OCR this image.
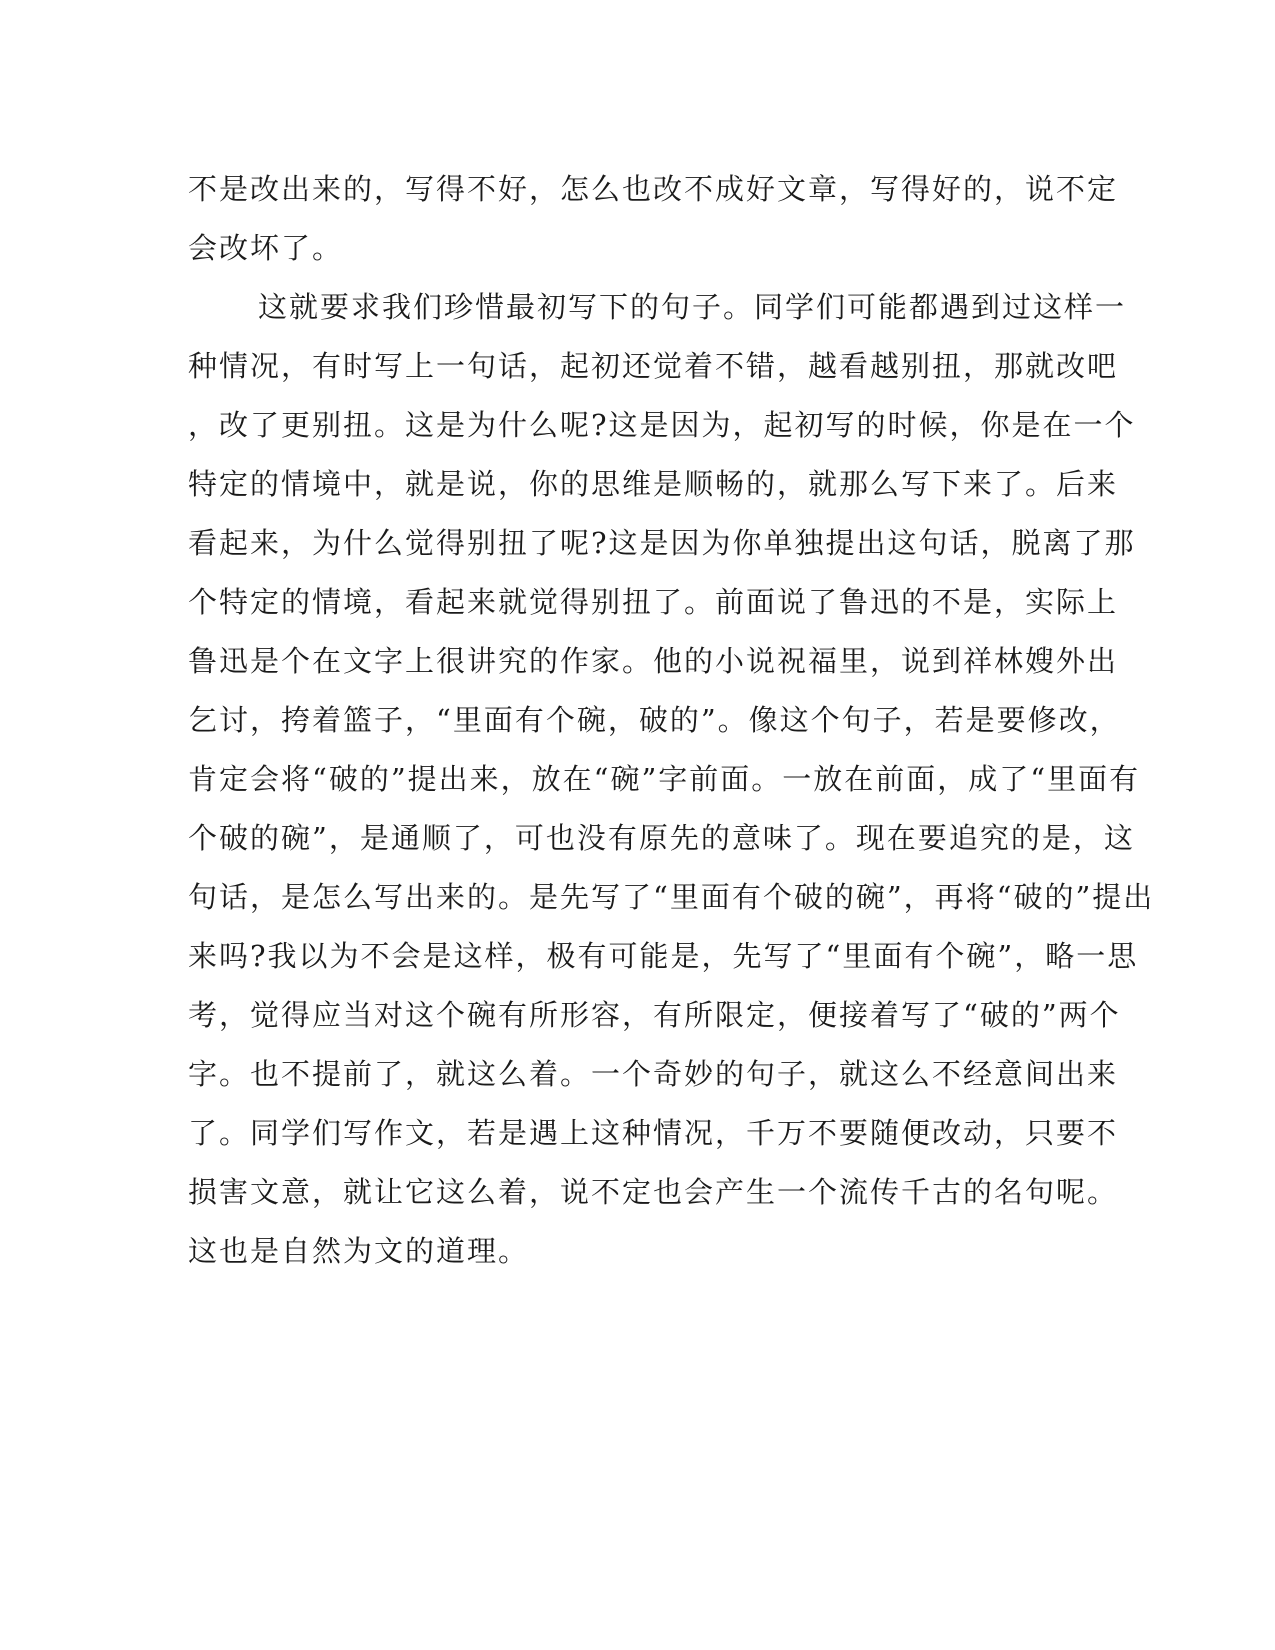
不是改出来的，写得不好，怎么也改不成好文章，写得好的，说不定
会改坏了。
这就要求我们珍惜最初写下的句子。同学们可能都遇到过这样一
种情况，有时写上一句话，起初还觉着不错，越看越别扭，那就改吧
，改了更别扭。这是为什么呢?这是因为，起初写的时候，你是在一个
特定的情境中，就是说，你的思维是顺畅的，就那么写下来了。后来
看起来，为什么觉得别扭了呢?这是因为你单独提出这句话，脱离了那
个特定的情境，看起来就觉得别扭了。前面说了鲁迅的不是，实际上
鲁迅是个在文字上很讲究的作家。他的小说祝福里，说到祥林嫂外出
乞讨，挎着篮子，“里面有个碗，破的”。像这个句子，若是要修改，
肯定会将“破的”提出来，放在“碗”字前面。一放在前面，成了“里面有
个破的碗”，是通顺了，可也没有原先的意味了。现在要追究的是，这
句话，是怎么写出来的。是先写了“里面有个破的碗”，再将“破的”提出
来吗?我以为不会是这样，极有可能是，先写了“里面有个碗”，略一思
考，觉得应当对这个碗有所形容，有所限定，便接着写了“破的”两个
字。也不提前了，就这么着。一个奇妙的句子，就这么不经意间出来
了。同学们写作文，若是遇上这种情况，千万不要随便改动，只要不
损害文意，就让它这么着，说不定也会产生一个流传千古的名句呢。
这也是自然为文的道理。
